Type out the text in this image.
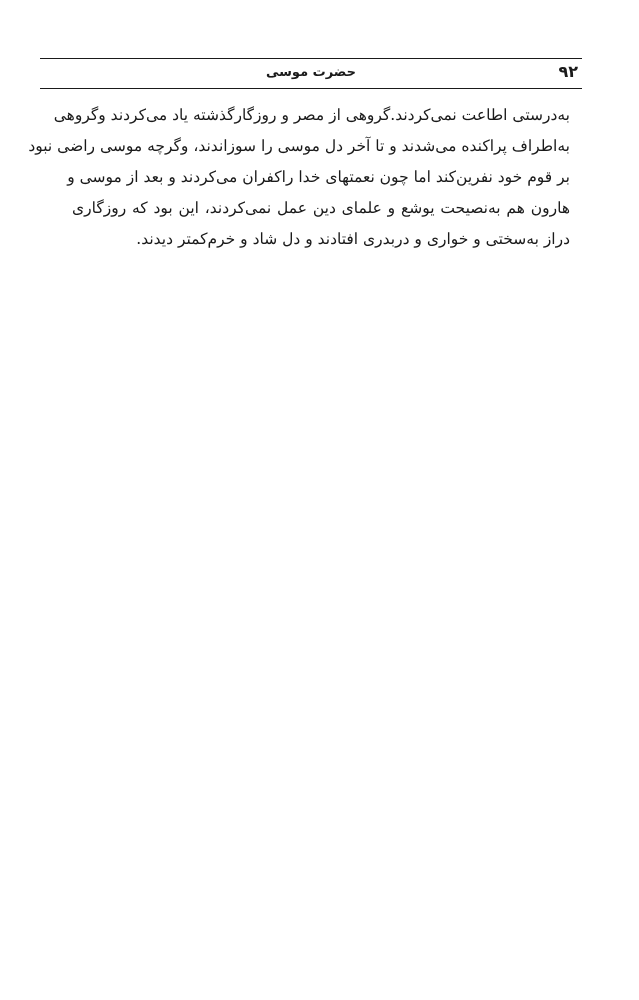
حضرت موسی	۹۲
به‌درستی اطاعت نمی‌کردند.گروهی از مصر و روزگارگذشته یاد می‌کردند وگروهی
به‌اطراف پراکنده می‌شدند و تا آخر دل موسی را سوزاندند، وگرچه موسی راضی نبود
بر قوم خود نفرین‌کند اما چون نعمتهای خدا راکفران می‌کردند و بعد از موسی و
هارون هم به‌نصیحت یوشع و علمای دین عمل نمی‌کردند، این بود که روزگاری
دراز به‌سختی و خواری و دربدری افتادند و دل شاد و خرم‌کمتر دیدند.
